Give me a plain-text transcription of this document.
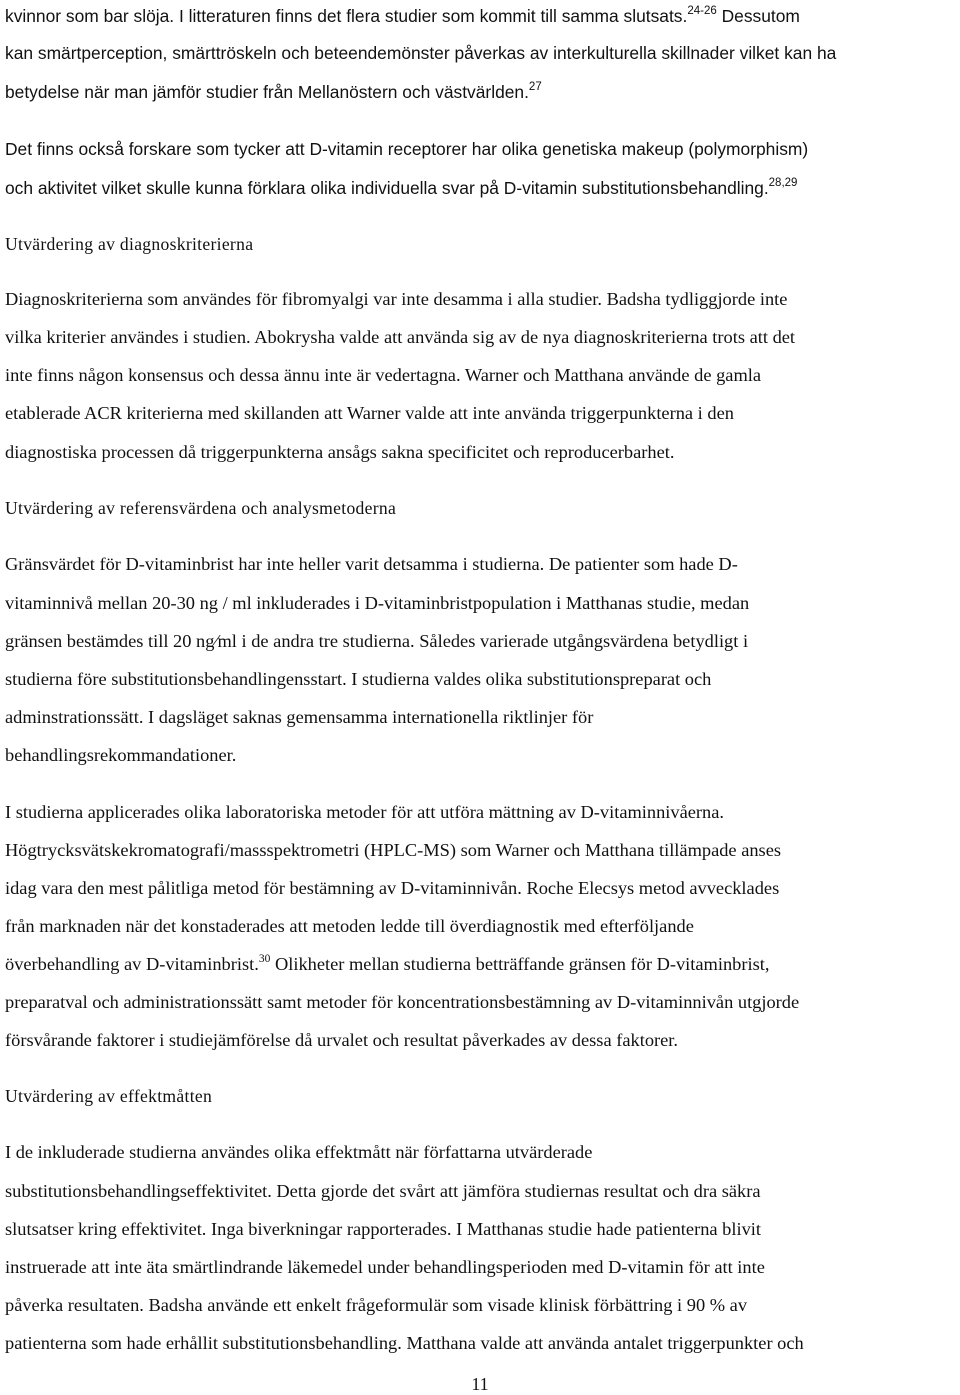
kvinnor som bar slöja. I litteraturen finns det flera studier som kommit till samma slutsats.$^{24-26}$ Dessutom
kan smärtperception, smärttröskeln och beteendemönster påverkas av interkulturella skillnader vilket kan ha
betydelse när man jämför studier från Mellanöstern och västvärlden.$^{27}$
Det finns också forskare som tycker att D-vitamin receptorer har olika genetiska makeup (polymorphism)
och aktivitet vilket skulle kunna förklara olika individuella svar på D-vitamin substitutionsbehandling.$^{28,29}$
Utvärdering av diagnoskriterierna
Diagnoskriterierna som användes för fibromyalgi var inte desamma i alla studier. Badsha tydliggjorde inte
vilka kriterier användes i studien. Abokrysha valde att använda sig av de nya diagnoskriterierna trots att det
inte finns någon konsensus och dessa ännu inte är vedertagna. Warner och Matthana använde de gamla
etablerade ACR kriterierna med skillanden att Warner valde att inte använda triggerpunkterna i den
diagnostiska processen då triggerpunkterna ansågs sakna specificitet och reproducerbarhet.
Utvärdering av referensvärdena och analysmetoderna
Gränsvärdet för D-vitaminbrist har inte heller varit detsamma i studierna. De patienter som hade D-
vitaminnivå mellan 20-30 ng / ml inkluderades i D-vitaminbristpopulation i Matthanas studie, medan
gränsen bestämdes till 20 ng⁄ml i de andra tre studierna. Således varierade utgångsvärdena betydligt i
studierna före substitutionsbehandlingensstart. I studierna valdes olika substitutionspreparat och
adminstrationssätt. I dagsläget saknas gemensamma internationella riktlinjer för
behandlingsrekommandationer.
I studierna applicerades olika laboratoriska metoder för att utföra mättning av D-vitaminnivåerna.
Högtrycksvätskekromatografi/massspektrometri (HPLC-MS) som Warner och Matthana tillämpade anses
idag vara den mest pålitliga metod för bestämning av D-vitaminnivån. Roche Elecsys metod avvecklades
från marknaden när det konstaderades att metoden ledde till överdiagnostik med efterföljande
överbehandling av D-vitaminbrist.$^{30}$ Olikheter mellan studierna betträffande gränsen för D-vitaminbrist,
preparatval och administrationssätt samt metoder för koncentrationsbestämning av D-vitaminnivån utgjorde
försvårande faktorer i studiejämförelse då urvalet och resultat påverkades av dessa faktorer.
Utvärdering av effektmåtten
I de inkluderade studierna användes olika effektmått när författarna utvärderade
substitutionsbehandlingseffektivitet. Detta gjorde det svårt att jämföra studiernas resultat och dra säkra
slutsatser kring effektivitet. Inga biverkningar rapporterades. I Matthanas studie hade patienterna blivit
instruerade att inte äta smärtlindrande läkemedel under behandlingsperioden med D-vitamin för att inte
påverka resultaten. Badsha använde ett enkelt frågeformulär som visade klinisk förbättring i 90 % av
patienterna som hade erhållit substitutionsbehandling. Matthana valde att använda antalet triggerpunkter och
11
